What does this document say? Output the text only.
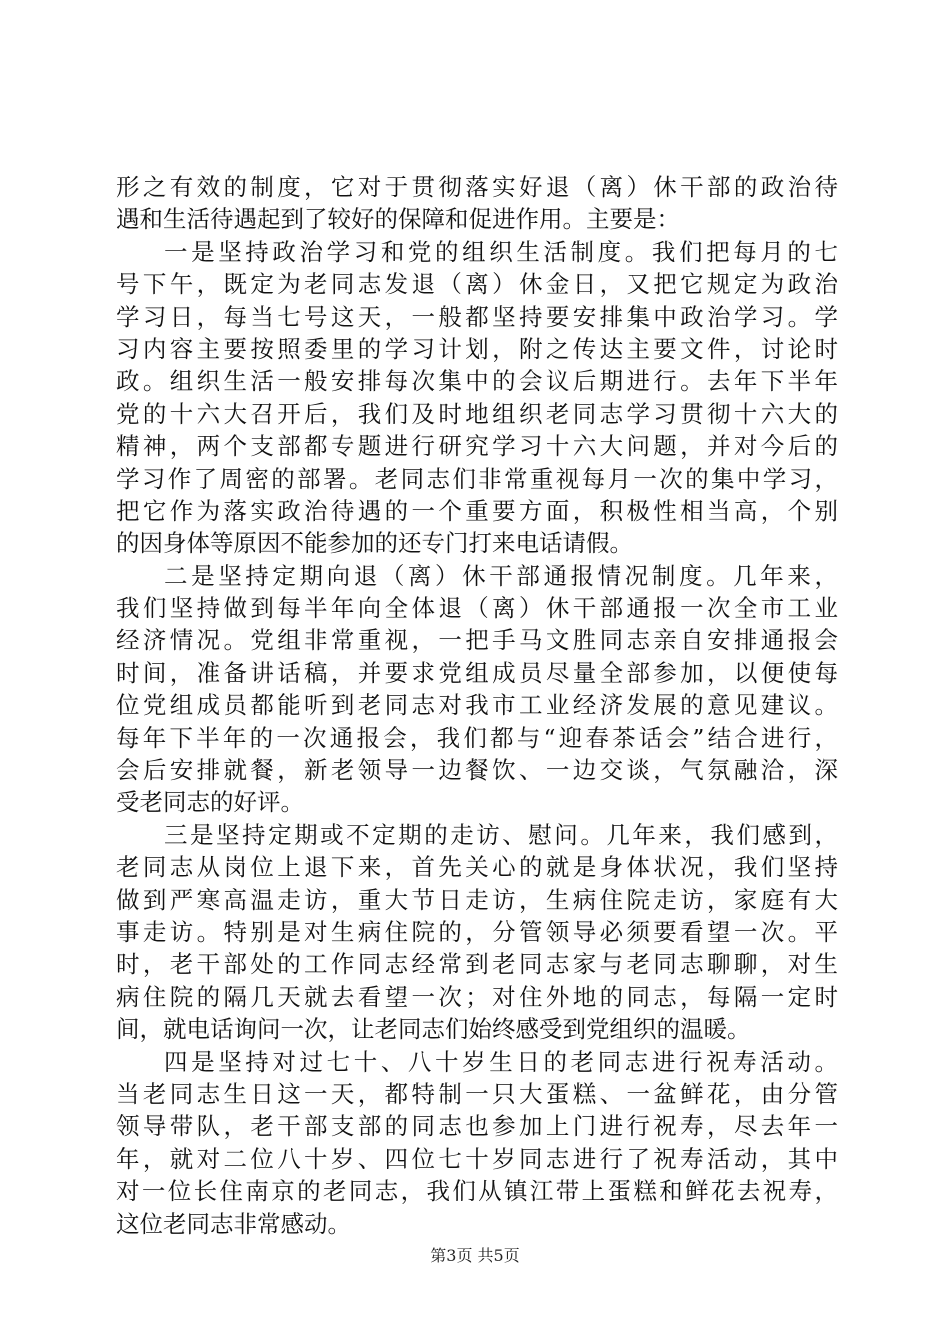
形之有效的制度，它对于贯彻落实好退（离）休干部的政治待
遇和生活待遇起到了较好的保障和促进作用。主要是：
一是坚持政治学习和党的组织生活制度。我们把每月的七
号下午，既定为老同志发退（离）休金日，又把它规定为政治
学习日，每当七号这天，一般都坚持要安排集中政治学习。学
习内容主要按照委里的学习计划，附之传达主要文件，讨论时
政。组织生活一般安排每次集中的会议后期进行。去年下半年
党的十六大召开后，我们及时地组织老同志学习贯彻十六大的
精神，两个支部都专题进行研究学习十六大问题，并对今后的
学习作了周密的部署。老同志们非常重视每月一次的集中学习，
把它作为落实政治待遇的一个重要方面，积极性相当高，个别
的因身体等原因不能参加的还专门打来电话请假。
二是坚持定期向退（离）休干部通报情况制度。几年来，
我们坚持做到每半年向全体退（离）休干部通报一次全市工业
经济情况。党组非常重视，一把手马文胜同志亲自安排通报会
时间，准备讲话稿，并要求党组成员尽量全部参加，以便使每
位党组成员都能听到老同志对我市工业经济发展的意见建议。
每年下半年的一次通报会，我们都与“迎春茶话会”结合进行，
会后安排就餐，新老领导一边餐饮、一边交谈，气氛融洽，深
受老同志的好评。
三是坚持定期或不定期的走访、慰问。几年来，我们感到，
老同志从岗位上退下来，首先关心的就是身体状况，我们坚持
做到严寒高温走访，重大节日走访，生病住院走访，家庭有大
事走访。特别是对生病住院的，分管领导必须要看望一次。平
时，老干部处的工作同志经常到老同志家与老同志聊聊，对生
病住院的隔几天就去看望一次；对住外地的同志，每隔一定时
间，就电话询问一次，让老同志们始终感受到党组织的温暖。
四是坚持对过七十、八十岁生日的老同志进行祝寿活动。
当老同志生日这一天，都特制一只大蛋糕、一盆鲜花，由分管
领导带队，老干部支部的同志也参加上门进行祝寿，尽去年一
年，就对二位八十岁、四位七十岁同志进行了祝寿活动，其中
对一位长住南京的老同志，我们从镇江带上蛋糕和鲜花去祝寿，
这位老同志非常感动。
第3页 共5页
